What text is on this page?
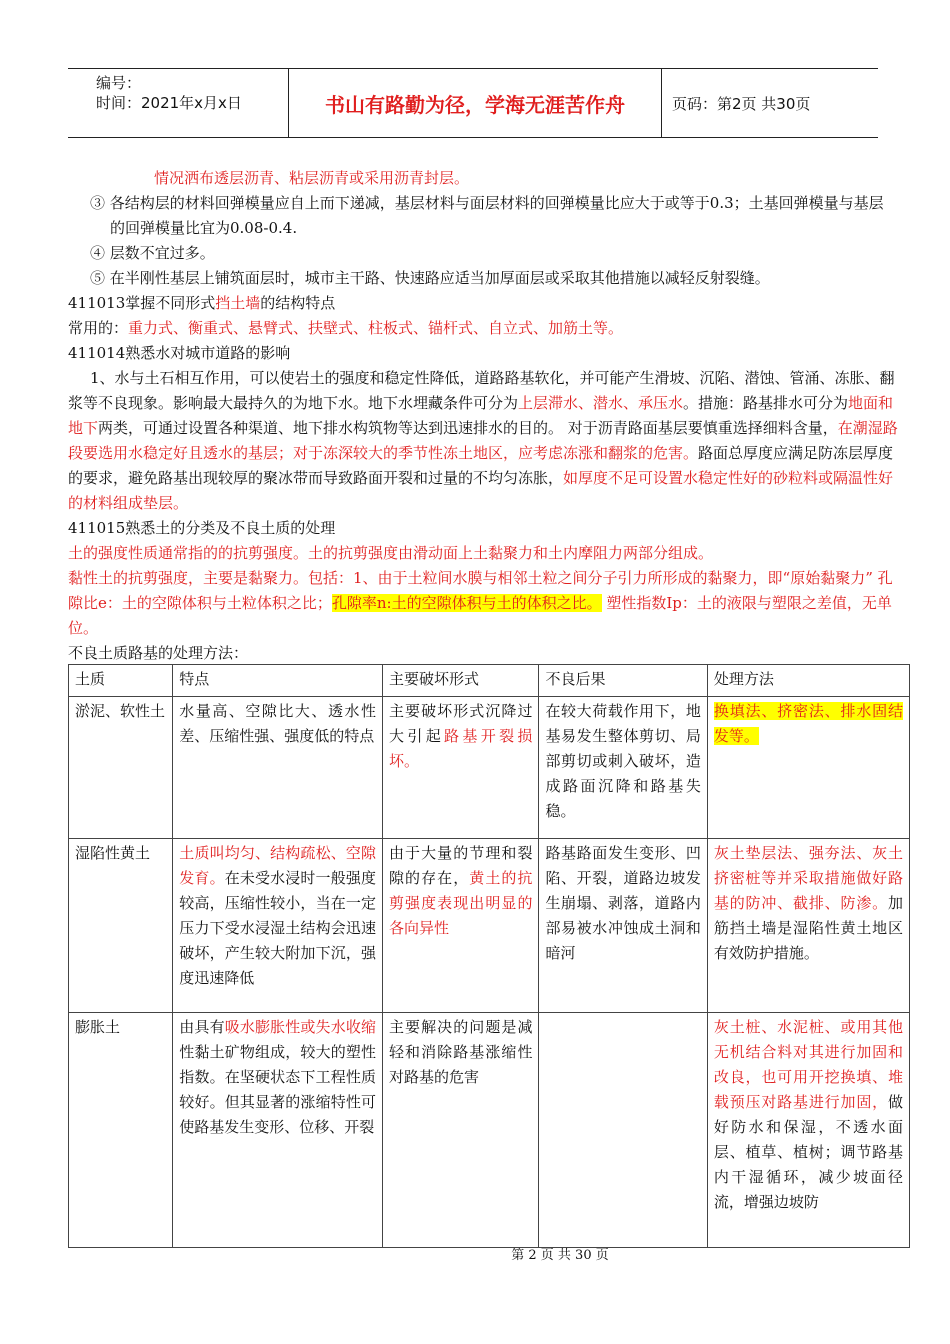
编号：
时间：2021年x月x日	书山有路勤为径，学海无涯苦作舟	页码：第2页 共30页

情况洒布透层沥青、粘层沥青或采用沥青封层。

③ 各结构层的材料回弹模量应自上而下递减，基层材料与面层材料的回弹模量比应大于或等于0.3；土基回弹模量与基层的回弹模量比宜为0.08-0.4.

④ 层数不宜过多。

⑤ 在半刚性基层上铺筑面层时，城市主干路、快速路应适当加厚面层或采取其他措施以减轻反射裂缝。

411013掌握不同形式挡土墙的结构特点

常用的：重力式、衡重式、悬臂式、扶壁式、柱板式、锚杆式、自立式、加筋土等。

411014熟悉水对城市道路的影响

1、水与土石相互作用，可以使岩土的强度和稳定性降低，道路路基软化，并可能产生滑坡、沉陷、潜蚀、管涌、冻胀、翻浆等不良现象。影响最大最持久的为地下水。地下水埋藏条件可分为上层滞水、潜水、承压水。措施：路基排水可分为地面和地下两类，可通过设置各种渠道、地下排水构筑物等达到迅速排水的目的。 对于沥青路面基层要慎重选择细料含量，在潮湿路段要选用水稳定好且透水的基层；对于冻深较大的季节性冻土地区，应考虑冻涨和翻浆的危害。路面总厚度应满足防冻层厚度的要求，避免路基出现较厚的聚冰带而导致路面开裂和过量的不均匀冻胀，如厚度不足可设置水稳定性好的砂粒料或隔温性好的材料组成垫层。

411015熟悉土的分类及不良土质的处理

土的强度性质通常指的的抗剪强度。土的抗剪强度由滑动面上土黏聚力和土内摩阻力两部分组成。

黏性土的抗剪强度，主要是黏聚力。包括：1、由于土粒间水膜与相邻土粒之间分子引力所形成的黏聚力，即“原始黏聚力” 孔隙比e：土的空隙体积与土粒体积之比；孔隙率n:土的空隙体积与土的体积之比。 塑性指数Ip：土的液限与塑限之差值，无单位。

不良土质路基的处理方法：

土质	特点	主要破坏形式	不良后果	处理方法
淤泥、软性土	水量高、空隙比大、透水性差、压缩性强、强度低的特点	主要破坏形式沉降过大引起路基开裂损坏。	在较大荷载作用下，地基易发生整体剪切、局部剪切或刺入破坏，造成路面沉降和路基失稳。	换填法、挤密法、排水固结发等。
湿陷性黄土	土质叫均匀、结构疏松、空隙发育。在未受水浸时一般强度较高，压缩性较小，当在一定压力下受水浸湿土结构会迅速破坏，产生较大附加下沉，强度迅速降低	由于大量的节理和裂隙的存在，黄土的抗剪强度表现出明显的各向异性	路基路面发生变形、凹陷、开裂，道路边坡发生崩塌、剥落，道路内部易被水冲蚀成土洞和暗河	灰土垫层法、强夯法、灰土挤密桩等并采取措施做好路基的防冲、截排、防渗。加筋挡土墙是湿陷性黄土地区有效防护措施。
膨胀土	由具有吸水膨胀性或失水收缩性黏土矿物组成，较大的塑性指数。在坚硬状态下工程性质较好。但其显著的涨缩特性可使路基发生变形、位移、开裂	主要解决的问题是减轻和消除路基涨缩性对路基的危害		灰土桩、水泥桩、或用其他无机结合料对其进行加固和改良，也可用开挖换填、堆载预压对路基进行加固，做好防水和保湿，不透水面层、植草、植树；调节路基内干湿循环，减少坡面径流，增强边坡防
第 2 页 共 30 页
